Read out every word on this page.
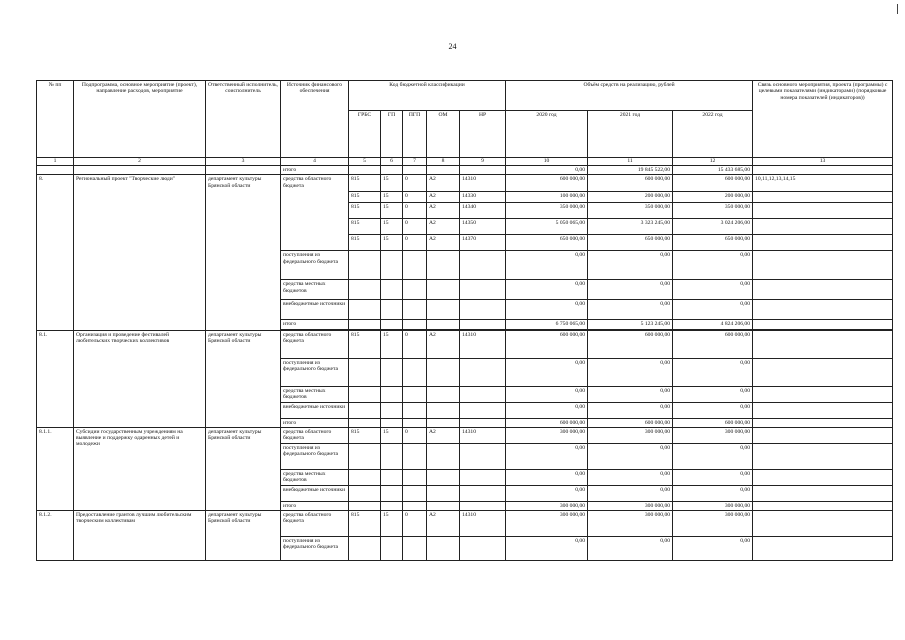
24
№ пп	Подпрограмма, основное мероприятие (проект), направление расходов, мероприятие	Ответственный исполнитель, соисполнитель	Источник финансового обеспечения	Код бюджетной классификации					Объём средств на реализацию, рублей			Связь основного мероприятия, проекта (программы) с целевыми показателями (индикаторами) (порядковые номера показателей (индикаторов))
				ГРБС	ГП	ПГП	ОМ	НР	2020 год	2021 год	2022 год	
1	2	3	4	5	6	7	8	9	10	11	12	13
			итого						0,00	19 845 522,00	15 433 685,00	
8.	Региональный проект "Творческие люди"	департамент культуры Брянской области	средства областного бюджета	815	15	0	A2	14310	600 000,00	600 000,00	600 000,00	10,11,12,13,14,15
				815	15	0	A2	14330	100 000,00	200 000,00	200 000,00	
				815	15	0	A2	14340	350 000,00	350 000,00	350 000,00	
				815	15	0	A2	14350	5 050 065,00	3 323 245,00	3 024 206,00	
				815	15	0	A2	14370	650 000,00	650 000,00	650 000,00	
			поступления из федерального бюджета						0,00	0,00	0,00	
			средства местных бюджетов						0,00	0,00	0,00	
			внебюджетные источники						0,00	0,00	0,00	
			итого						6 750 065,00	5 123 245,00	4 824 206,00	

8.1.	Организация и проведение фестивалей любительских творческих коллективов	департамент культуры Брянской области	средства областного бюджета	815	15	0	A2	14310	600 000,00	600 000,00	600 000,00	
			поступления из федерального бюджета						0,00	0,00	0,00	
			средства местных бюджетов						0,00	0,00	0,00	
			внебюджетные источники						0,00	0,00	0,00	
			итого						600 000,00	600 000,00	600 000,00	
8.1.1.	Субсидии государственным учреждениям на выявление и поддержку одаренных детей и молодежи	департамент культуры Брянской области	средства областного бюджета	815	15	0	A2	14310	300 000,00	300 000,00	300 000,00	
			поступления из федерального бюджета						0,00	0,00	0,00	
			средства местных бюджетов						0,00	0,00	0,00	
			внебюджетные источники						0,00	0,00	0,00	
			итого						300 000,00	300 000,00	300 000,00	
8.1.2.	Предоставление грантов лучшим любительским творческим коллективам	департамент культуры Брянской области	средства областного бюджета	815	15	0	A2	14310	300 000,00	300 000,00	300 000,00	
			поступления из федерального бюджета						0,00	0,00	0,00	
